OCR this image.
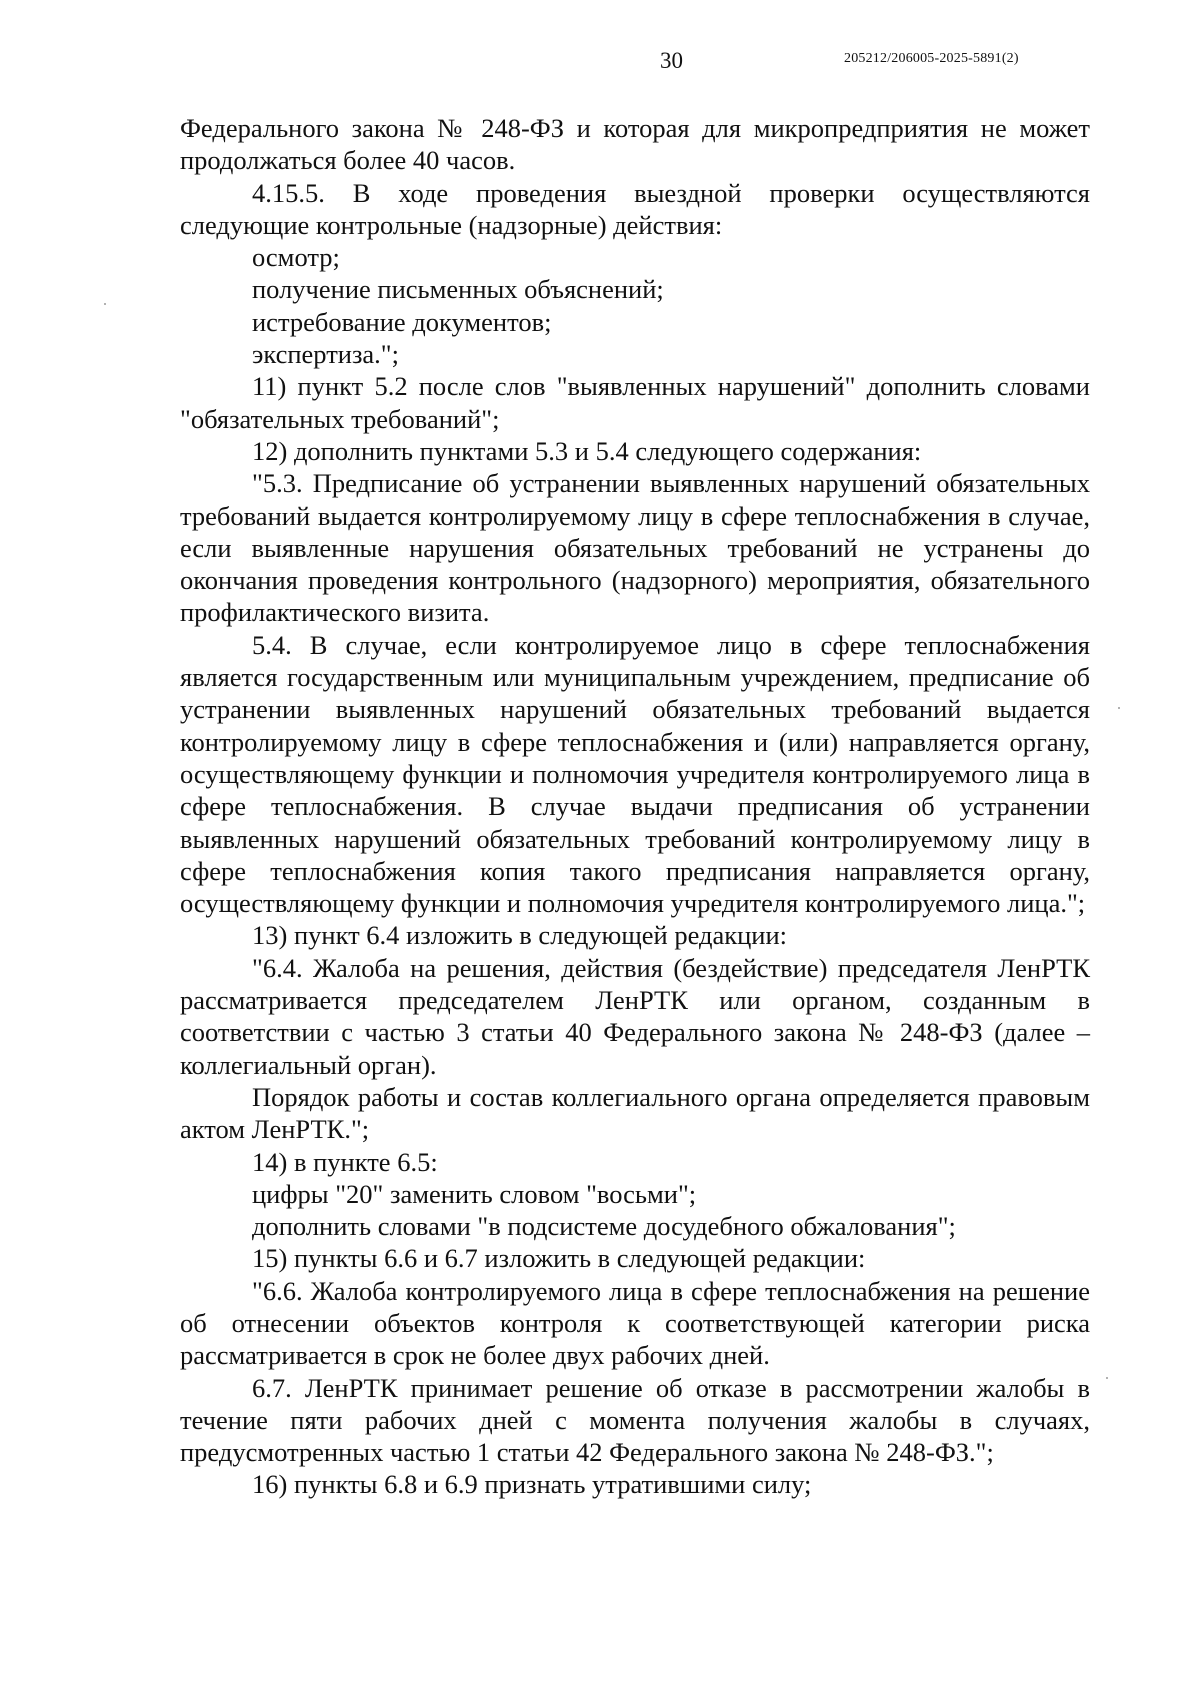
30	205212/206005-2025-5891(2)

Федерального закона № 248-ФЗ и которая для микропредприятия не может продолжаться более 40 часов.

4.15.5. В ходе проведения выездной проверки осуществляются следующие контрольные (надзорные) действия:

осмотр;

получение письменных объяснений;

истребование документов;

экспертиза.";

11) пункт 5.2 после слов "выявленных нарушений" дополнить словами "обязательных требований";

12) дополнить пунктами 5.3 и 5.4 следующего содержания:

"5.3. Предписание об устранении выявленных нарушений обязательных требований выдается контролируемому лицу в сфере теплоснабжения в случае, если выявленные нарушения обязательных требований не устранены до окончания проведения контрольного (надзорного) мероприятия, обязательного профилактического визита.

5.4. В случае, если контролируемое лицо в сфере теплоснабжения является государственным или муниципальным учреждением, предписание об устранении выявленных нарушений обязательных требований выдается контролируемому лицу в сфере теплоснабжения и (или) направляется органу, осуществляющему функции и полномочия учредителя контролируемого лица в сфере теплоснабжения. В случае выдачи предписания об устранении выявленных нарушений обязательных требований контролируемому лицу в сфере теплоснабжения копия такого предписания направляется органу, осуществляющему функции и полномочия учредителя контролируемого лица.";

13) пункт 6.4 изложить в следующей редакции:

"6.4. Жалоба на решения, действия (бездействие) председателя ЛенРТК рассматривается председателем ЛенРТК или органом, созданным в соответствии с частью 3 статьи 40 Федерального закона № 248-ФЗ (далее – коллегиальный орган).

Порядок работы и состав коллегиального органа определяется правовым актом ЛенРТК.";

14) в пункте 6.5:

цифры "20" заменить словом "восьми";

дополнить словами "в подсистеме досудебного обжалования";

15) пункты 6.6 и 6.7 изложить в следующей редакции:

"6.6. Жалоба контролируемого лица в сфере теплоснабжения на решение об отнесении объектов контроля к соответствующей категории риска рассматривается в срок не более двух рабочих дней.

6.7. ЛенРТК принимает решение об отказе в рассмотрении жалобы в течение пяти рабочих дней с момента получения жалобы в случаях, предусмотренных частью 1 статьи 42 Федерального закона № 248-ФЗ.";

16) пункты 6.8 и 6.9 признать утратившими силу;
